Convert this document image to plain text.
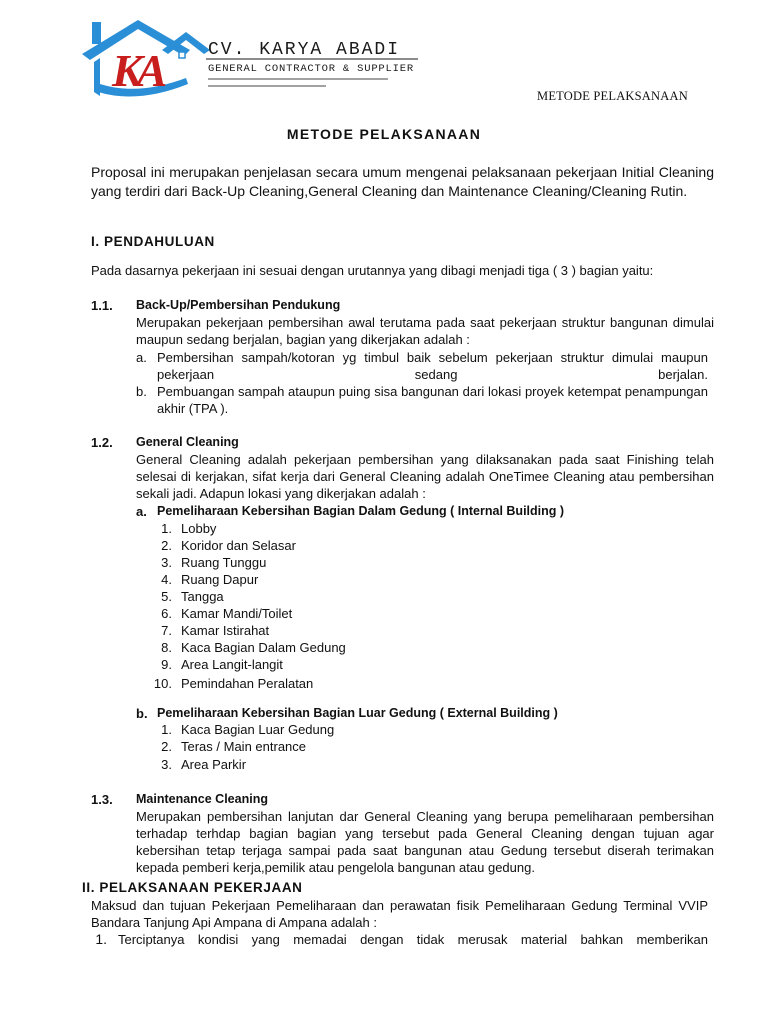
KA	CV. KARYA ABADI
GENERAL CONTRACTOR & SUPPLIER
METODE PELAKSANAAN
METODE PELAKSANAAN

Proposal ini merupakan penjelasan secara umum mengenai pelaksanaan pekerjaan Initial Cleaning yang terdiri dari Back-Up Cleaning,General Cleaning dan Maintenance Cleaning/Cleaning Rutin.

I. PENDAHULUAN

Pada dasarnya pekerjaan ini sesuai dengan urutannya yang dibagi menjadi tiga ( 3 ) bagian yaitu:

1.1. Back-Up/Pembersihan Pendukung

Merupakan pekerjaan pembersihan awal terutama pada saat pekerjaan struktur bangunan dimulai maupun sedang berjalan, bagian yang dikerjakan adalah :

a. Pembersihan sampah/kotoran yg timbul baik sebelum pekerjaan struktur dimulai maupun pekerjaan sedang berjalan.
b. Pembuangan sampah ataupun puing sisa bangunan dari lokasi proyek ketempat penampungan akhir (TPA ).
1.2. General Cleaning

General Cleaning adalah pekerjaan pembersihan yang dilaksanakan pada saat Finishing telah selesai di kerjakan, sifat kerja dari General Cleaning adalah OneTimee Cleaning atau pembersihan sekali jadi. Adapun lokasi yang dikerjakan adalah :

a. Pemeliharaan Kebersihan Bagian Dalam Gedung ( Internal Building )
1. Lobby
2. Koridor dan Selasar
3. Ruang Tunggu
4. Ruang Dapur
5. Tangga
6. Kamar Mandi/Toilet
7. Kamar Istirahat
8. Kaca Bagian Dalam Gedung
9. Area Langit-langit
10. Pemindahan Peralatan
b. Pemeliharaan Kebersihan Bagian Luar Gedung ( External Building )
1. Kaca Bagian Luar Gedung
2. Teras / Main entrance
3. Area Parkir
1.3. Maintenance Cleaning

Merupakan pembersihan lanjutan dar General Cleaning yang berupa pemeliharaan pembersihan terhadap terhdap bagian bagian yang tersebut pada General Cleaning dengan tujuan agar kebersihan tetap terjaga sampai pada saat bangunan atau Gedung tersebut diserah terimakan kepada pemberi kerja,pemilik atau pengelola bangunan atau gedung.

II. PELAKSANAAN PEKERJAAN

Maksud dan tujuan Pekerjaan Pemeliharaan dan perawatan fisik Pemeliharaan Gedung Terminal VVIP Bandara Tanjung Api Ampana di Ampana adalah :

1. Terciptanya kondisi yang memadai dengan tidak merusak material bahkan memberikan
